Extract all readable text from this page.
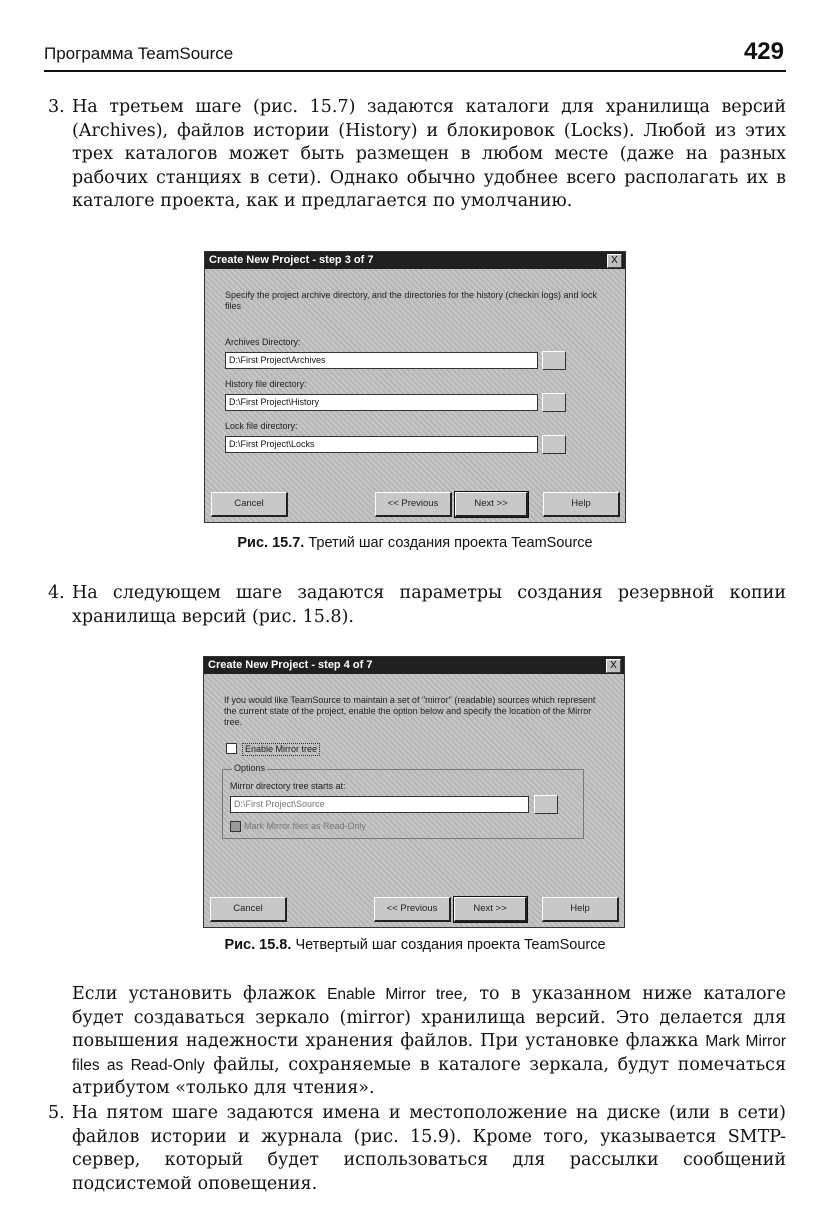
Программа TeamSource	429
3. На третьем шаге (рис. 15.7) задаются каталоги для хранилища версий (Archives), файлов истории (History) и блокировок (Locks). Любой из этих трех каталогов может быть размещен в любом месте (даже на разных рабочих станциях в сети). Однако обычно удобнее всего располагать их в каталоге проекта, как и предлагается по умолчанию.
Create New Project - step 3 of 7	X
Specify the project archive directory, and the directories for the history (checkin logs) and lock files
Archives Directory:
D:\First Project\Archives
History file directory:
D:\First Project\History
Lock file directory:
D:\First Project\Locks
Cancel	<< Previous	Next >>	Help
Рис. 15.7. Третий шаг создания проекта TeamSource
4. На следующем шаге задаются параметры создания резервной копии хранилища версий (рис. 15.8).
Create New Project - step 4 of 7	X
If you would like TeamSource to maintain a set of "mirror" (readable) sources which represent the current state of the project, enable the option below and specify the location of the Mirror tree.
Enable Mirror tree
Options
Mirror directory tree starts at:
D:\First Project\Source
Mark Mirror files as Read-Only
Cancel	<< Previous	Next >>	Help
Рис. 15.8. Четвертый шаг создания проекта TeamSource
Если установить флажок Enable Mirror tree, то в указанном ниже каталоге будет создаваться зеркало (mirror) хранилища версий. Это делается для повышения надежности хранения файлов. При установке флажка Mark Mirror files as Read-Only файлы, сохраняемые в каталоге зеркала, будут помечаться атрибутом «только для чтения».
5. На пятом шаге задаются имена и местоположение на диске (или в сети) файлов истории и журнала (рис. 15.9). Кроме того, указывается SMTP-сервер, который будет использоваться для рассылки сообщений подсистемой оповещения.
